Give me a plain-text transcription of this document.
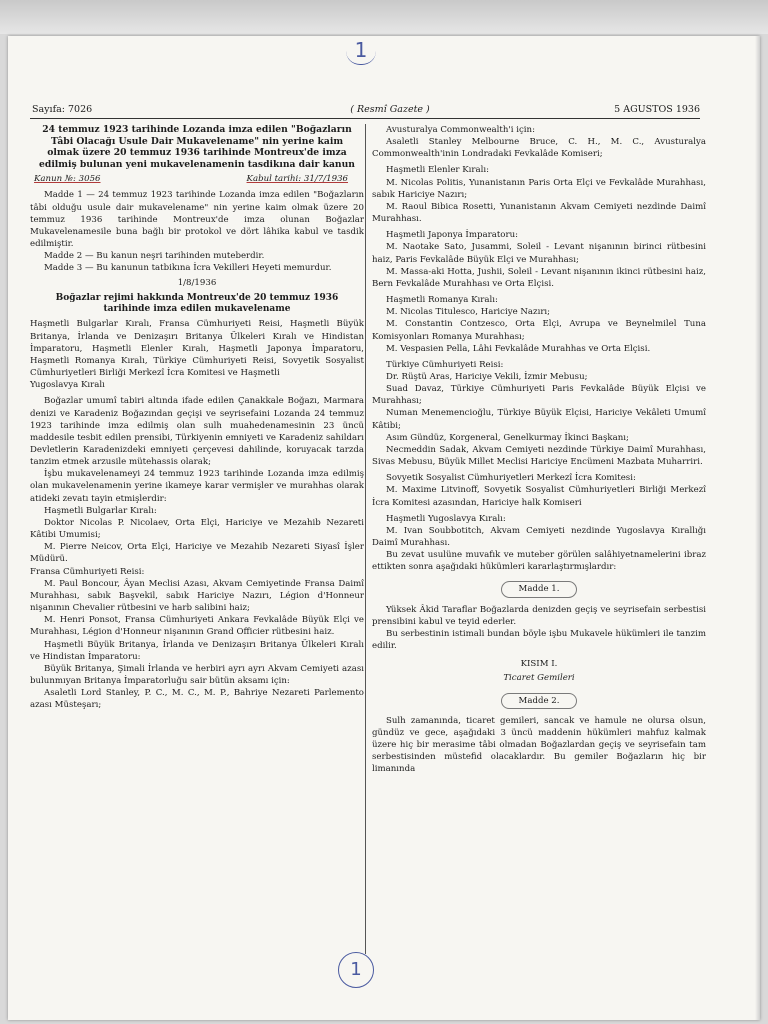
1
Sayıfa: 7026	( Resmî Gazete )	5 AGUSTOS 1936
24 temmuz 1923 tarihinde Lozanda imza edilen "Boğazların Tâbi Olacağı Usule Dair Mukavelename" nin yerine kaim olmak üzere 20 temmuz 1936 tarihinde Montreux'de imza edilmiş bulunan yeni mukavelenamenin tasdikına dair kanun
Kanun №: 3056	Kabul tarihi: 31/7/1936

Madde 1 — 24 temmuz 1923 tarihinde Lozanda imza edilen "Boğazların tâbi olduğu usule dair mukavelename" nin yerine kaim olmak üzere 20 temmuz 1936 tarihinde Montreux'de imza olunan Boğazlar Mukavelenamesile buna bağlı bir protokol ve dört lâhika kabul ve tasdik edilmiştir.

Madde 2 — Bu kanun neşri tarihinden muteberdir.

Madde 3 — Bu kanunun tatbikına İcra Vekilleri Heyeti memurdur.

1/8/1936
Boğazlar rejimi hakkında Montreux'de 20 temmuz 1936 tarihinde imza edilen mukavelename

Haşmetli Bulgarlar Kıralı, Fransa Cümhuriyeti Reisi, Haşmetli Büyük Britanya, İrlanda ve Denizaşırı Britanya Ülkeleri Kıralı ve Hindistan İmparatoru, Haşmetli Elenler Kıralı, Haşmetli Japonya İmparatoru, Haşmetli Romanya Kıralı, Türkiye Cümhuriyeti Reisi, Sovyetik Sosyalist Cümhuriyetleri Birliği Merkezî İcra Komitesi ve Haşmetli

Yugoslavya Kıralı

Boğazlar umumî tabiri altında ifade edilen Çanakkale Boğazı, Marmara denizi ve Karadeniz Boğazından geçişi ve seyrisefaini Lozanda 24 temmuz 1923 tarihinde imza edilmiş olan sulh muahedenamesinin 23 üncü maddesile tesbit edilen prensibi, Türkiyenin emniyeti ve Karadeniz sahildarı Devletlerin Karadenizdeki emniyeti çerçevesi dahilinde, koruyacak tarzda tanzim etmek arzusile mütehassis olarak;

İşbu mukavelenameyi 24 temmuz 1923 tarihinde Lozanda imza edilmiş olan mukavelenamenin yerine ikameye karar vermişler ve murahhas olarak atideki zevatı tayin etmişlerdir:

Haşmetli Bulgarlar Kıralı:

Doktor Nicolas P. Nicolaev, Orta Elçi, Hariciye ve Mezahib Nezareti Kâtibi Umumisi;

M. Pierre Neicov, Orta Elçi, Hariciye ve Mezahib Nezareti Siyasî İşler Müdürü.

Fransa Cümhuriyeti Reisi:

M. Paul Boncour, Âyan Meclisi Azası, Akvam Cemiyetinde Fransa Daimî Murahhası, sabık Başvekil, sabık Hariciye Nazırı, Légion d'Honneur nişanının Chevalier rütbesini ve harb salibini haiz;

M. Henri Ponsot, Fransa Cümhuriyeti Ankara Fevkalâde Büyük Elçi ve Murahhası, Légion d'Honneur nişanının Grand Officier rütbesini haiz.

Haşmetli Büyük Britanya, İrlanda ve Denizaşırı Britanya Ülkeleri Kıralı ve Hindistan İmparatoru:

Büyük Britanya, Şimali İrlanda ve herbiri ayrı ayrı Akvam Cemiyeti azası bulunmıyan Britanya İmparatorluğu sair bütün aksamı için:

Asaletli Lord Stanley, P. C., M. C., M. P., Bahriye Nezareti Parlemento azası Müsteşarı;

Avusturalya Commonwealth'i için:

Asaletli Stanley Melbourne Bruce, C. H., M. C., Avusturalya Commonwealth'inin Londradaki Fevkalâde Komiseri;

Haşmetli Elenler Kıralı:

M. Nicolas Politis, Yunanistanın Paris Orta Elçi ve Fevkalâde Murahhası, sabık Hariciye Nazırı;

M. Raoul Bibica Rosetti, Yunanistanın Akvam Cemiyeti nezdinde Daimî Murahhası.

Haşmetli Japonya İmparatoru:

M. Naotake Sato, Jusammi, Soleil - Levant nişanının birinci rütbesini haiz, Paris Fevkalâde Büyük Elçi ve Murahhası;

M. Massa-aki Hotta, Jushii, Soleil - Levant nişanının ikinci rütbesini haiz, Bern Fevkalâde Murahhası ve Orta Elçisi.

Haşmetli Romanya Kıralı:

M. Nicolas Titulesco, Hariciye Nazırı;

M. Constantin Contzesco, Orta Elçi, Avrupa ve Beynelmilel Tuna Komisyonları Romanya Murahhası;

M. Vespasien Pella, Lâhi Fevkalâde Murahhas ve Orta Elçisi.

Türkiye Cümhuriyeti Reisi:

Dr. Rüştü Aras, Hariciye Vekili, İzmir Mebusu;

Suad Davaz, Türkiye Cümhuriyeti Paris Fevkalâde Büyük Elçisi ve Murahhası;

Numan Menemencioğlu, Türkiye Büyük Elçisi, Hariciye Vekâleti Umumî Kâtibi;

Asım Gündüz, Korgeneral, Genelkurmay İkinci Başkanı;

Necmeddin Sadak, Akvam Cemiyeti nezdinde Türkiye Daimî Murahhası, Sivas Mebusu, Büyük Millet Meclisi Hariciye Encümeni Mazbata Muharriri.

Sovyetik Sosyalist Cümhuriyetleri Merkezî İcra Komitesi:

M. Maxime Litvinoff, Sovyetik Sosyalist Cümhuriyetleri Birliği Merkezî İcra Komitesi azasından, Hariciye halk Komiseri

Haşmetli Yugoslavya Kıralı:

M. Ivan Soubbotitch, Akvam Cemiyeti nezdinde Yugoslavya Kırallığı Daimî Murahhası.

Bu zevat usulüne muvafık ve muteber görülen salâhiyetnamelerini ibraz ettikten sonra aşağıdaki hükümleri kararlaştırmışlardır:

Madde 1.

Yüksek Âkid Taraflar Boğazlarda denizden geçiş ve seyrisefain serbestisi prensibini kabul ve teyid ederler.

Bu serbestinin istimali bundan böyle işbu Mukavele hükümleri ile tanzim edilir.

KISIM I.
Ticaret Gemileri
Madde 2.

Sulh zamanında, ticaret gemileri, sancak ve hamule ne olursa olsun, gündüz ve gece, aşağıdaki 3 üncü maddenin hükümleri mahfuz kalmak üzere hiç bir merasime tâbi olmadan Boğazlardan geçiş ve seyrisefain tam serbestisinden müstefid olacaklardır. Bu gemiler Boğazların hiç bir limanında

1
